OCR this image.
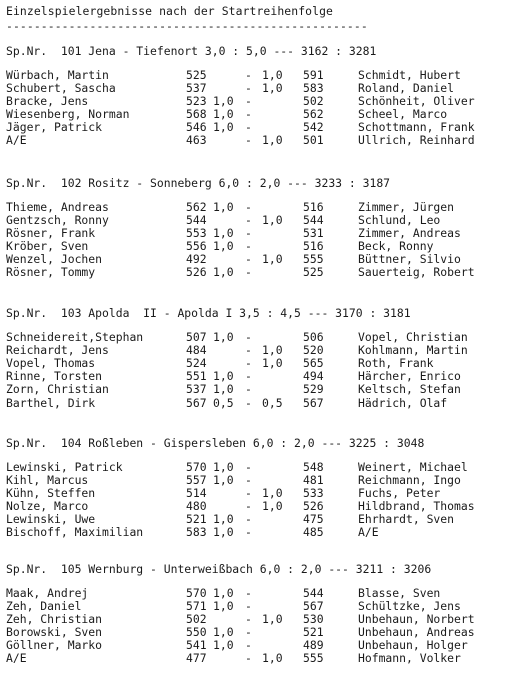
Einzelspielergebnisse nach der Startreihenfolge
----------------------------------------------------
Sp.Nr.  101 Jena - Tiefenort 3,0 : 5,0 --- 3162 : 3281
Würbach, Martin	525	1,0 591	Schmidt, Hubert
-
Schubert, Sascha	537	1,0 583	Roland, Daniel
-
Bracke, Jens	523 1,0	502	Schönheit, Oliver
-
Wiesenberg, Norman	568 1,0	562	Scheel, Marco
-
Jäger, Patrick	546 1,0	542	Schottmann, Frank
-
A/E	463	1,0 501	Ullrich, Reinhard
-
Sp.Nr.  102 Rositz - Sonneberg 6,0 : 2,0 --- 3233 : 3187
Thieme, Andreas	562 1,0	516	Zimmer, Jürgen
-
Gentzsch, Ronny	544	1,0 544	Schlund, Leo
-
Rösner, Frank	553 1,0	531	Zimmer, Andreas
-
Kröber, Sven	556 1,0	516	Beck, Ronny
-
Wenzel, Jochen	492	1,0 555	Büttner, Silvio
-
Rösner, Tommy	526 1,0	525	Sauerteig, Robert
-
Sp.Nr.  103 Apolda  II - Apolda I 3,5 : 4,5 --- 3170 : 3181
Schneidereit,Stephan	507 1,0	506	Vopel, Christian
-
Reichardt, Jens	484	1,0 520	Kohlmann, Martin
-
Vopel, Thomas	524	1,0 565	Roth, Frank
-
Rinne, Torsten	551 1,0	494	Härcher, Enrico
-
Zorn, Christian	537 1,0	529	Keltsch, Stefan
-
Barthel, Dirk	567 0,5 0,5 567	Hädrich, Olaf
-
Sp.Nr.  104 Roßleben - Gispersleben 6,0 : 2,0 --- 3225 : 3048
Lewinski, Patrick	570 1,0	548	Weinert, Michael
-
Kihl, Marcus	557 1,0	481	Reichmann, Ingo
-
Kühn, Steffen	514	1,0 533	Fuchs, Peter
-
Nolze, Marco	480	1,0 526	Hildbrand, Thomas
-
Lewinski, Uwe	521 1,0	475	Ehrhardt, Sven
-
Bischoff, Maximilian	583 1,0	485	A/E
-
Sp.Nr.  105 Wernburg - Unterweißbach 6,0 : 2,0 --- 3211 : 3206
Maak, Andrej	570 1,0	544	Blasse, Sven
-
Zeh, Daniel	571 1,0	567	Schültzke, Jens
-
Zeh, Christian	502	1,0 530	Unbehaun, Norbert
-
Borowski, Sven	550 1,0	521	Unbehaun, Andreas
-
Göllner, Marko	541 1,0	489	Unbehaun, Holger
-
A/E	477	1,0 555	Hofmann, Volker
-
